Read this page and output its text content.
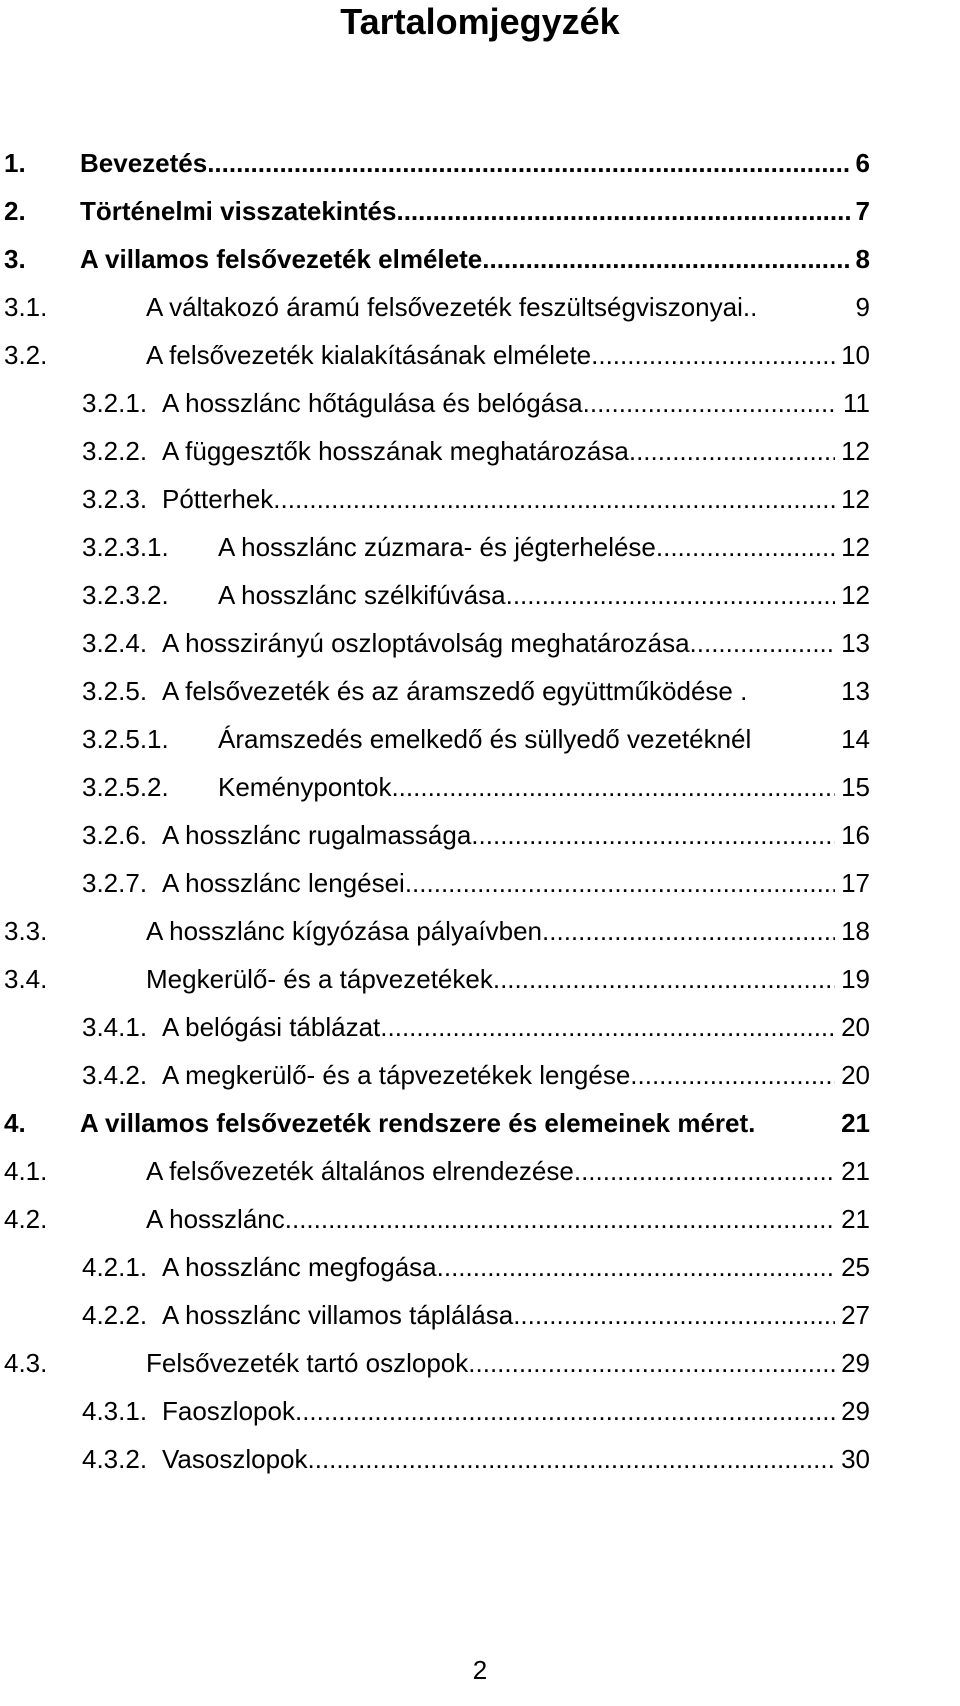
Tartalomjegyzék
1.	Bevezetés .....	6
2.	Történelmi visszatekintés .....	7
3.	A villamos felsővezeték elmélete .....	8
3.1.	A váltakozó áramú felsővezeték feszültségviszonyai..	9
3.2.	A felsővezeték kialakításának elmélete .....	10
3.2.1. A hosszlánc hőtágulása és belógása .....	11
3.2.2. A függesztők hosszának meghatározása .....	12
3.2.3. Pótterhek .....	12
3.2.3.1.	A hosszlánc zúzmara- és jégterhelése .....	12
3.2.3.2.	A hosszlánc szélkifúvása .....	12
3.2.4. A hosszirányú oszloptávolság meghatározása .....	13
3.2.5. A felsővezeték és az áramszedő együttműködése .	13
3.2.5.1.	Áramszedés emelkedő és süllyedő vezetéknél	14
3.2.5.2.	Keménypontok .....	15
3.2.6. A hosszlánc rugalmassága .....	16
3.2.7. A hosszlánc lengései .....	17
3.3.	A hosszlánc kígyózása pályaívben .....	18
3.4.	Megkerülő- és a tápvezetékek .....	19
3.4.1. A belógási táblázat .....	20
3.4.2. A megkerülő- és a tápvezetékek lengése .....	20
4.	A villamos felsővezeték rendszere és elemeinek méret.	21
4.1.	A felsővezeték általános elrendezése .....	21
4.2.	A hosszlánc .....	21
4.2.1. A hosszlánc megfogása .....	25
4.2.2. A hosszlánc villamos táplálása .....	27
4.3.	Felsővezeték tartó oszlopok .....	29
4.3.1. Faoszlopok .....	29
4.3.2. Vasoszlopok .....	30
2
